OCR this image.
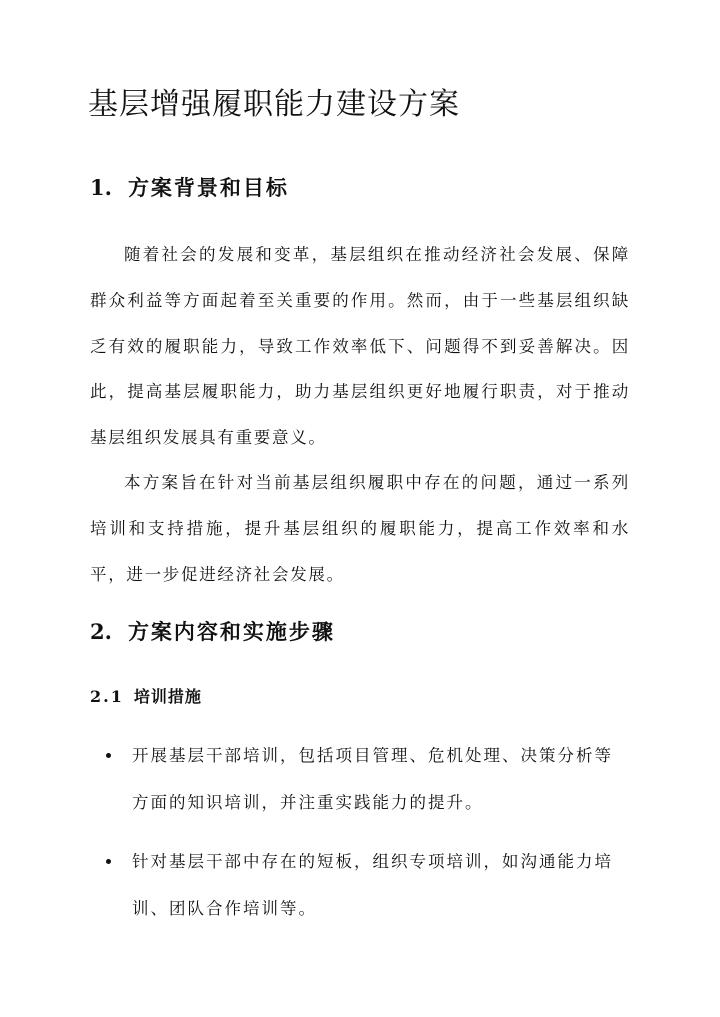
基层增强履职能力建设方案
1. 方案背景和目标

随着社会的发展和变革，基层组织在推动经济社会发展、保障群众利益等方面起着至关重要的作用。然而，由于一些基层组织缺乏有效的履职能力，导致工作效率低下、问题得不到妥善解决。因此，提高基层履职能力，助力基层组织更好地履行职责，对于推动基层组织发展具有重要意义。

本方案旨在针对当前基层组织履职中存在的问题，通过一系列培训和支持措施，提升基层组织的履职能力，提高工作效率和水平，进一步促进经济社会发展。

2. 方案内容和实施步骤
2.1 培训措施
开展基层干部培训，包括项目管理、危机处理、决策分析等方面的知识培训，并注重实践能力的提升。
针对基层干部中存在的短板，组织专项培训，如沟通能力培训、团队合作培训等。
